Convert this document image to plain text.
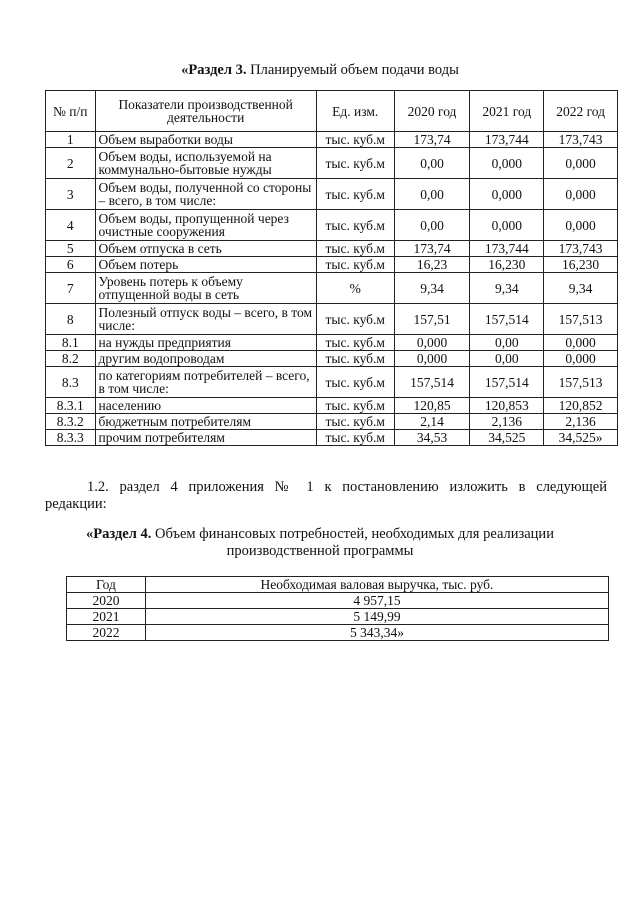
«Раздел 3. Планируемый объем подачи воды
№ п/п	Показатели производственной деятельности	Ед. изм.	2020 год	2021 год	2022 год
1	Объем выработки воды	тыс. куб.м	173,74	173,744	173,743
2	Объем воды, используемой на коммунально-бытовые нужды	тыс. куб.м	0,00	0,000	0,000
3	Объем воды, полученной со стороны – всего, в том числе:	тыс. куб.м	0,00	0,000	0,000
4	Объем воды, пропущенной через очистные сооружения	тыс. куб.м	0,00	0,000	0,000
5	Объем отпуска в сеть	тыс. куб.м	173,74	173,744	173,743
6	Объем потерь	тыс. куб.м	16,23	16,230	16,230
7	Уровень потерь к объему отпущенной воды в сеть	%	9,34	9,34	9,34
8	Полезный отпуск воды – всего, в том числе:	тыс. куб.м	157,51	157,514	157,513
8.1	на нужды предприятия	тыс. куб.м	0,000	0,00	0,000
8.2	другим водопроводам	тыс. куб.м	0,000	0,00	0,000
8.3	по категориям потребителей – всего, в том числе:	тыс. куб.м	157,514	157,514	157,513
8.3.1	населению	тыс. куб.м	120,85	120,853	120,852
8.3.2	бюджетным потребителям	тыс. куб.м	2,14	2,136	2,136
8.3.3	прочим потребителям	тыс. куб.м	34,53	34,525	34,525»
1.2. раздел 4 приложения № 1 к постановлению изложить в следующей
редакции:
«Раздел 4. Объем финансовых потребностей, необходимых для реализации
производственной программы
Год	Необходимая валовая выручка, тыс. руб.
2020	4 957,15
2021	5 149,99
2022	5 343,34»
